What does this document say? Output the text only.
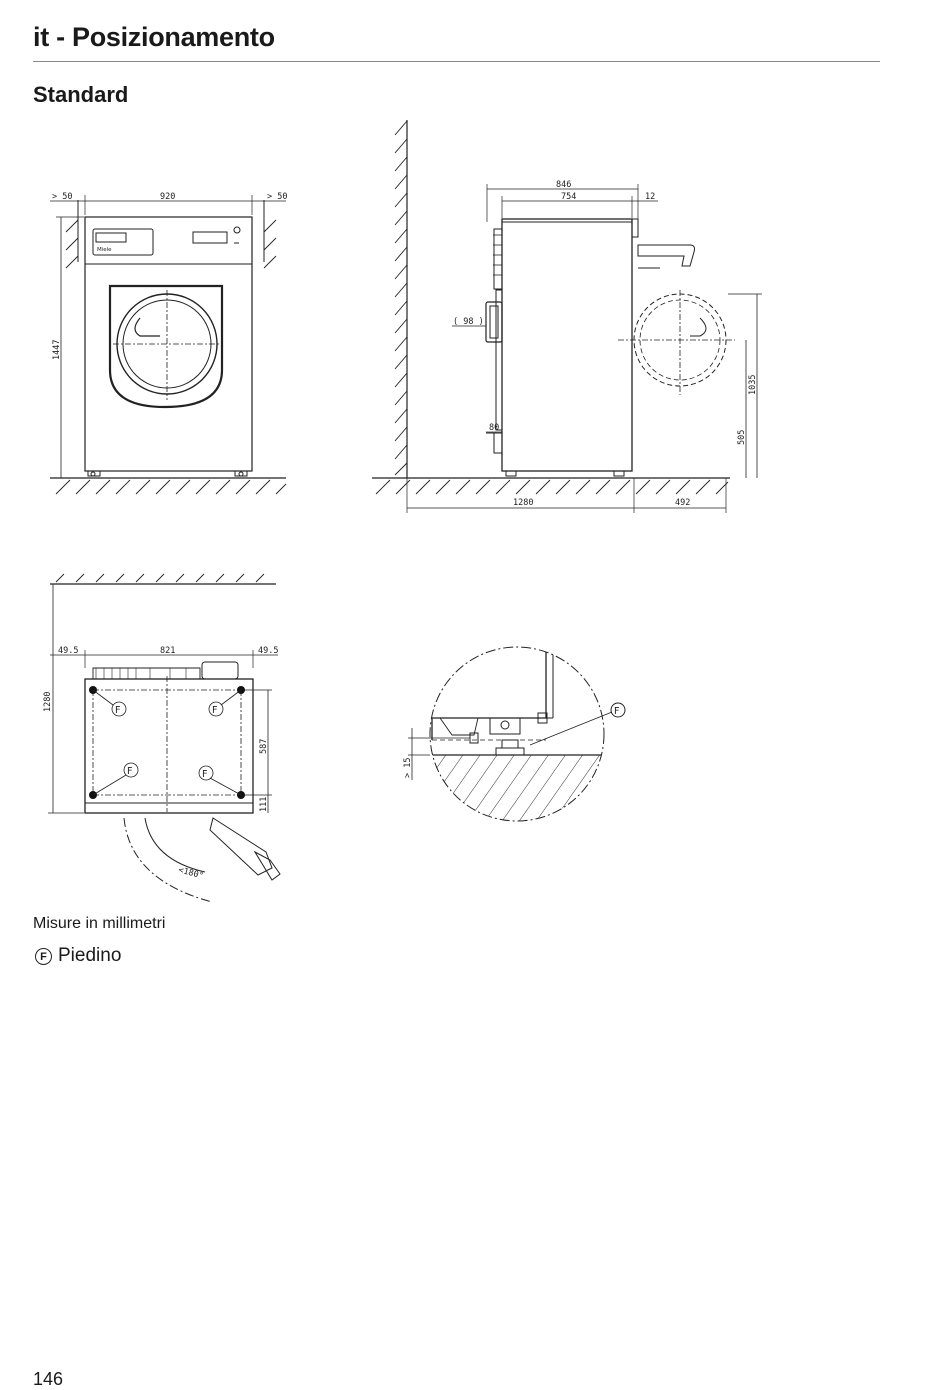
it - Posizionamento
Standard
Miele
> 50	920	> 50
1447
846
754	12
( 98 )
80
1035
505
1280	492
F	F
F	F
49.5	821	49.5
1280
587
111
<180°
F
> 15
Misure in millimetri
F Piedino
146
